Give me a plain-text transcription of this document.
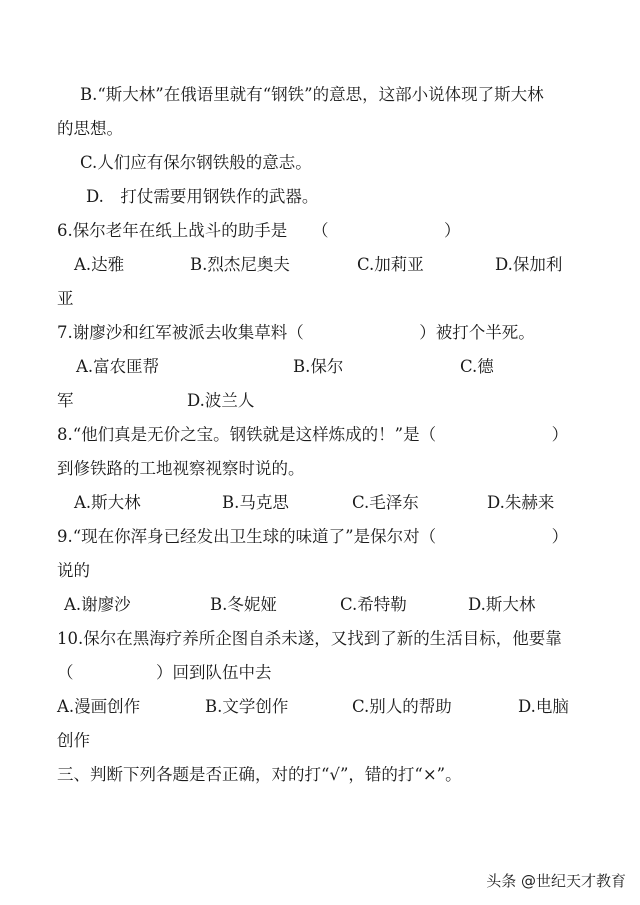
B.“斯大林”在俄语里就有“钢铁”的意思，这部小说体现了斯大林
的思想。
C.人们应有保尔钢铁般的意志。
D.　打仗需要用钢铁作的武器。
6.保尔老年在纸上战斗的助手是　　（　　　　　　　）
A.达雅	B.烈杰尼奥夫	C.加莉亚	D.保加利
亚
7.谢廖沙和红军被派去收集草料（　　　　　　　）被打个半死。
A.富农匪帮	B.保尔	C.德
军	D.波兰人
8.“他们真是无价之宝。钢铁就是这样炼成的！”是（　　　　　　　）
到修铁路的工地视察视察时说的。
A.斯大林	B.马克思	C.毛泽东	D.朱赫来
9.“现在你浑身已经发出卫生球的味道了”是保尔对（　　　　　　　）
说的
A.谢廖沙	B.冬妮娅	C.希特勒	D.斯大林
10.保尔在黑海疗养所企图自杀未遂，又找到了新的生活目标，他要靠
（　　　　　）回到队伍中去
A.漫画创作	B.文学创作	C.别人的帮助	D.电脑
创作
三、判断下列各题是否正确，对的打“√”，错的打“×”。
头条 @世纪天才教育
